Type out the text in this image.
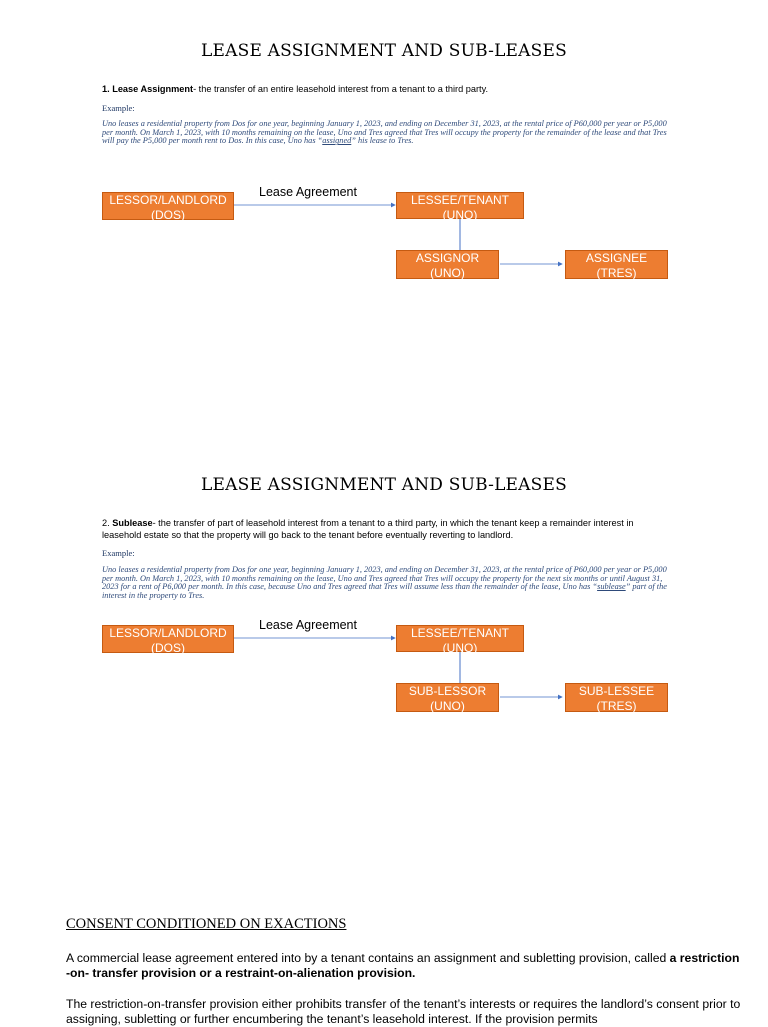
LEASE ASSIGNMENT AND SUB-LEASES
1. Lease Assignment- the transfer of an entire leasehold interest from a tenant to a third party.
Example:
Uno leases a residential property from Dos for one year, beginning January 1, 2023, and ending on December 31, 2023, at the rental price of P60,000 per year or P5,000 per month. On March 1, 2023, with 10 months remaining on the lease, Uno and Tres agreed that Tres will occupy the property for the remainder of the lease and that Tres will pay the P5,000 per month rent to Dos. In this case, Uno has “assigned” his lease to Tres.
LESSOR/LANDLORD
(DOS)
Lease Agreement
LESSEE/TENANT
(UNO)
ASSIGNOR
(UNO)
ASSIGNEE
(TRES)
LEASE ASSIGNMENT AND SUB-LEASES
2. Sublease- the transfer of part of leasehold interest from a tenant to a third party, in which the tenant keep a remainder interest in leasehold estate so that the property will go back to the tenant before eventually reverting to landlord.
Example:
Uno leases a residential property from Dos for one year, beginning January 1, 2023, and ending on December 31, 2023, at the rental price of P60,000 per year or P5,000 per month. On March 1, 2023, with 10 months remaining on the lease, Uno and Tres agreed that Tres will occupy the property for the next six months or until August 31, 2023 for a rent of P6,000 per month. In this case, because Uno and Tres agreed that Tres will assume less than the remainder of the lease, Uno has “sublease” part of the interest in the property to Tres.
LESSOR/LANDLORD
(DOS)
Lease Agreement
LESSEE/TENANT
(UNO)
SUB-LESSOR
(UNO)
SUB-LESSEE
(TRES)
CONSENT CONDITIONED ON EXACTIONS
A commercial lease agreement entered into by a tenant contains an assignment and subletting provision, called a restriction -on- transfer provision or a restraint-on-alienation provision.
The restriction-on-transfer provision either prohibits transfer of the tenant’s interests or requires the landlord’s consent prior to assigning, subletting or further encumbering the tenant’s leasehold interest. If the provision permits
